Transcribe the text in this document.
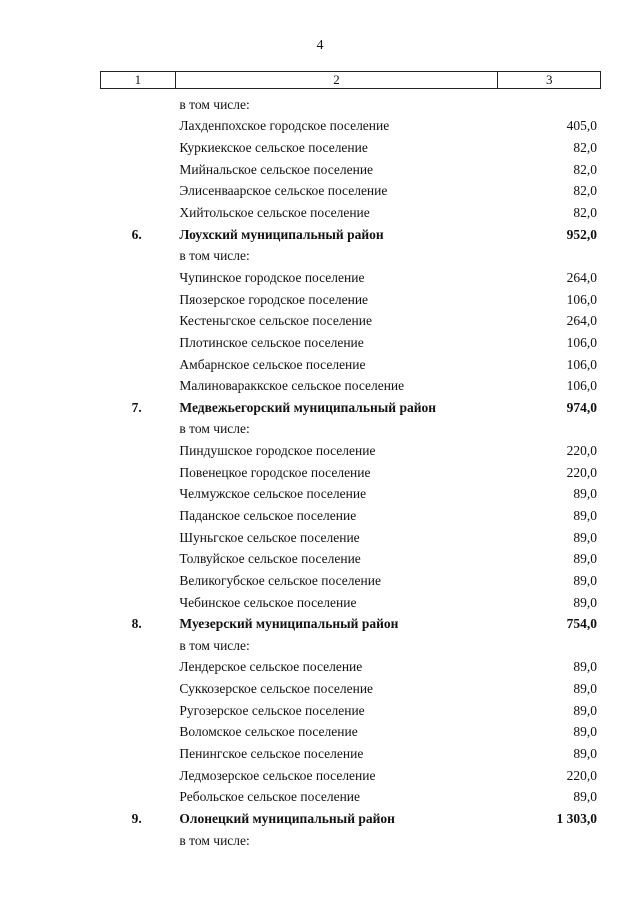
4
1	2	3
в том числе:
Лахденпохское городское поселение	405,0
Куркиекское сельское поселение	82,0
Мийнальское сельское поселение	82,0
Элисенваарское сельское поселение	82,0
Хийтольское сельское поселение	82,0
6.	Лоухский муниципальный район	952,0
в том числе:
Чупинское городское поселение	264,0
Пяозерское городское поселение	106,0
Кестеньгское сельское поселение	264,0
Плотинское сельское поселение	106,0
Амбарнское сельское поселение	106,0
Малиновараккское сельское поселение	106,0
7.	Медвежьегорский муниципальный район	974,0
в том числе:
Пиндушское городское поселение	220,0
Повенецкое городское поселение	220,0
Челмужское сельское поселение	89,0
Паданское сельское поселение	89,0
Шуньгское сельское поселение	89,0
Толвуйское сельское поселение	89,0
Великогубское сельское поселение	89,0
Чебинское сельское поселение	89,0
8.	Муезерский муниципальный район	754,0
в том числе:
Лендерское сельское поселение	89,0
Суккозерское сельское поселение	89,0
Ругозерское сельское поселение	89,0
Воломское сельское поселение	89,0
Пенингское сельское поселение	89,0
Ледмозерское сельское поселение	220,0
Ребольское сельское поселение	89,0
9.	Олонецкий муниципальный район	1 303,0
в том числе:
